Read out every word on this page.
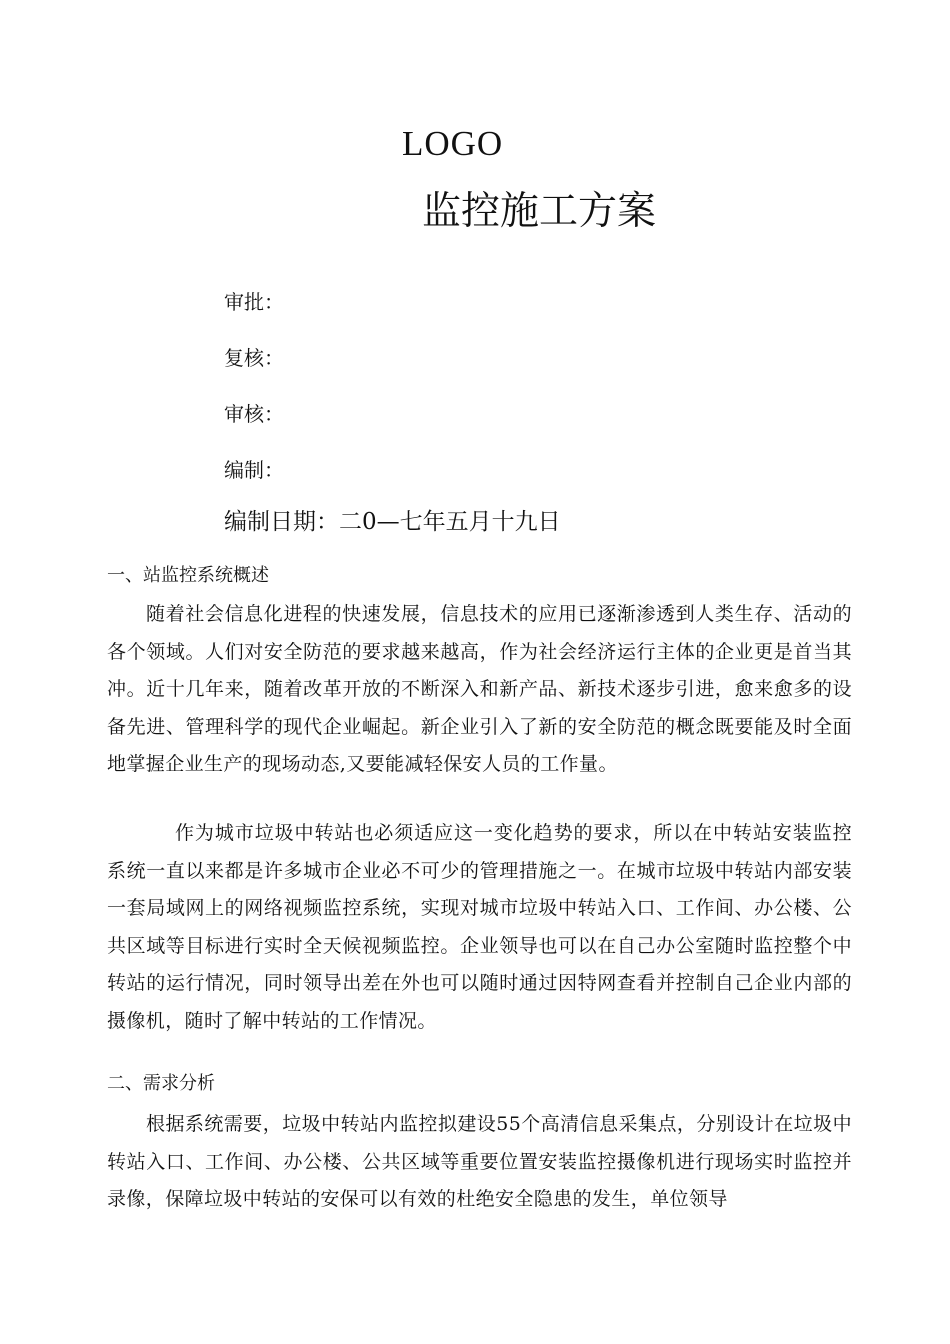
LOGO
监控施工方案
审批：
复核：
审核：
编制：

编制日期：二0—七年五月十九日

一、站监控系统概述

随着社会信息化进程的快速发展，信息技术的应用已逐渐渗透到人类生存、活动的各个领域。人们对安全防范的要求越来越高，作为社会经济运行主体的企业更是首当其冲。近十几年来，随着改革开放的不断深入和新产品、新技术逐步引进，愈来愈多的设备先进、管理科学的现代企业崛起。新企业引入了新的安全防范的概念既要能及时全面地掌握企业生产的现场动态,又要能减轻保安人员的工作量。

作为城市垃圾中转站也必须适应这一变化趋势的要求，所以在中转站安装监控系统一直以来都是许多城市企业必不可少的管理措施之一。在城市垃圾中转站内部安装一套局域网上的网络视频监控系统，实现对城市垃圾中转站入口、工作间、办公楼、公共区域等目标进行实时全天候视频监控。企业领导也可以在自己办公室随时监控整个中转站的运行情况，同时领导出差在外也可以随时通过因特网查看并控制自己企业内部的摄像机，随时了解中转站的工作情况。

二、需求分析

根据系统需要，垃圾中转站内监控拟建设55个高清信息采集点，分别设计在垃圾中转站入口、工作间、办公楼、公共区域等重要位置安装监控摄像机进行现场实时监控并录像，保障垃圾中转站的安保可以有效的杜绝安全隐患的发生，单位领导
